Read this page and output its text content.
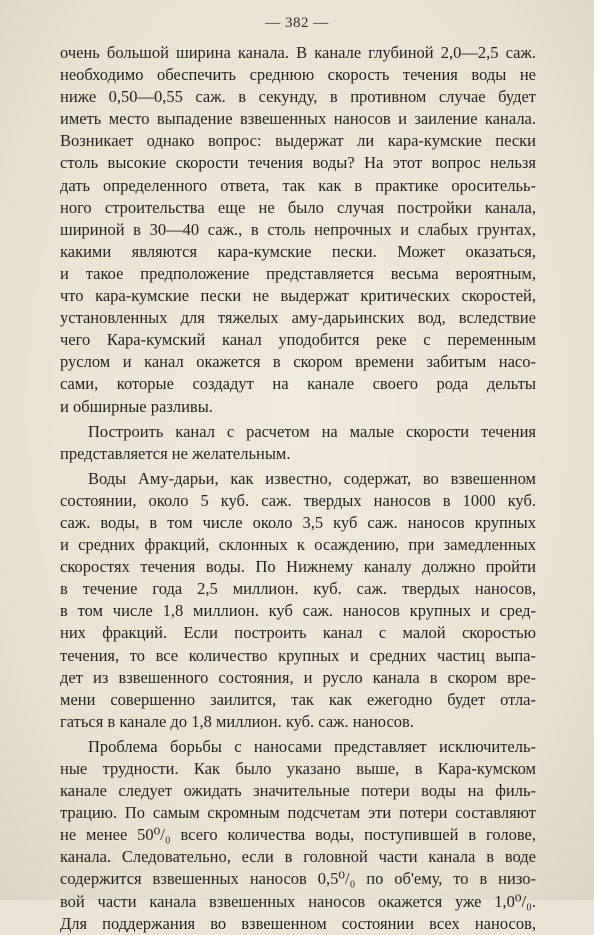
— 382 —
очень большой ширина канала. В канале глубиной 2,0—2,5 саж.
необходимо обеспечить среднюю скорость течения воды не
ниже 0,50—0,55 саж. в секунду, в противном случае будет
иметь место выпадение взвешенных наносов и заиление канала.
Возникает однако вопрос: выдержат ли кара-кумские пески
столь высокие скорости течения воды? На этот вопрос нельзя
дать определенного ответа, так как в практике оросительь-
ного строительства еще не было случая постройки канала,
шириной в 30—40 саж., в столь непрочных и слабых грунтах,
какими являются кара-кумские пески. Может оказаться,
и такое предположение представляется весьма вероятным,
что кара-кумские пески не выдержат критических скоростей,
установленных для тяжелых аму-дарьинских вод, вследствие
чего Кара-кумский канал уподобится реке с переменным
руслом и канал окажется в скором времени забитым насо-
сами, которые создадут на канале своего рода дельты
и обширные разливы.
Построить канал с расчетом на малые скорости течения
представляется не желательным.
Воды Аму-дарьи, как известно, содержат, во взвешенном
состоянии, около 5 куб. саж. твердых наносов в 1000 куб.
саж. воды, в том числе около 3,5 куб саж. наносов крупных
и средних фракций, склонных к осаждению, при замедленных
скоростях течения воды. По Нижнему каналу должно пройти
в течение года 2,5 миллион. куб. саж. твердых наносов,
в том числе 1,8 миллион. куб саж. наносов крупных и сред-
них фракций. Если построить канал с малой скоростью
течения, то все количество крупных и средних частиц выпа-
дет из взвешенного состояния, и русло канала в скором вре-
мени совершенно заилится, так как ежегодно будет отла-
гаться в канале до 1,8 миллион. куб. саж. наносов.
Проблема борьбы с наносами представляет исключитель-
ные трудности. Как было указано выше, в Кара-кумском
канале следует ожидать значительные потери воды на филь-
трацию. По самым скромным подсчетам эти потери составляют
не менее 50⁰/₀ всего количества воды, поступившей в голове,
канала. Следовательно, если в головной части канала в воде
содержится взвешенных наносов 0,5⁰/₀ по об'ему, то в низо-
вой части канала взвешенных наносов окажется уже 1,0⁰/₀.
Для поддержания во взвешенном состоянии всех наносов,
